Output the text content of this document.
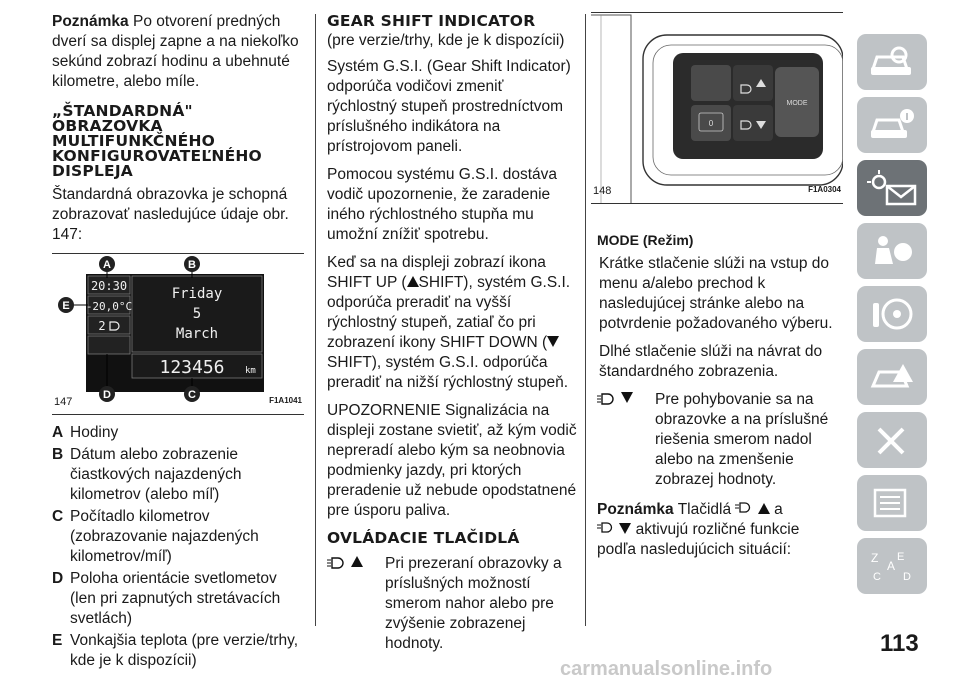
Poznámka Po otvorení predných dverí sa displej zapne a na niekoľko sekúnd zobrazí hodinu a ubehnuté kilometre, alebo míle.

„ŠTANDARDNÁ" OBRAZOVKA MULTIFUNKČNÉHO KONFIGUROVATEĽNÉHO DISPLEJA

Štandardná obrazovka je schopná zobrazovať nasledujúce údaje obr. 147:

20:30
-20,0°C
2
Friday
5
March
123456 km
A	B
C
D
E
147	F1A1041

A Hodiny

B Dátum alebo zobrazenie čiastkových najazdených kilometrov (alebo míľ)

C Počítadlo kilometrov (zobrazovanie najazdených kilometrov/míľ)

D Poloha orientácie svetlometov (len pri zapnutých stretávacích svetlách)

E Vonkajšia teplota (pre verzie/trhy, kde je k dispozícii)

GEAR SHIFT INDICATOR

(pre verzie/trhy, kde je k dispozícii)

Systém G.S.I. (Gear Shift Indicator) odporúča vodičovi zmeniť rýchlostný stupeň prostredníctvom príslušného indikátora na prístrojovom paneli.

Pomocou systému G.S.I. dostáva vodič upozornenie, že zaradenie iného rýchlostného stupňa mu umožní znížiť spotrebu.

Keď sa na displeji zobrazí ikona SHIFT UP ( SHIFT), systém G.S.I. odporúča preradiť na vyšší rýchlostný stupeň, zatiaľ čo pri zobrazení ikony SHIFT DOWN (SHIFT), systém G.S.I. odporúča preradiť na nižší rýchlostný stupeň.

UPOZORNENIE Signalizácia na displeji zostane svietiť, až kým vodič nepreradí alebo kým sa neobnovia podmienky jazdy, pri ktorých preradenie už nebude opodstatnené pre úsporu paliva.

OVLÁDACIE TLAČIDLÁ
Pri prezeraní obrazovky a príslušných možností smerom nahor alebo pre zvýšenie zobrazenej hodnoty.
MODE
0
148	F1A0304

MODE (Režim)

Krátke stlačenie slúži na vstup do menu a/alebo prechod k nasledujúcej stránke alebo na potvrdenie požadovaného výberu.

Dlhé stlačenie slúži na návrat do štandardného zobrazenia.

Pre pohybovanie sa na obrazovke a na príslušné riešenia smerom nadol alebo na zmenšenie zobrazej hodnoty.

Poznámka Tlačidlá	a
aktivujú rozličné funkcie podľa nasledujúcich situácií:	Z E
A
C D
113
carmanualsonline.info
